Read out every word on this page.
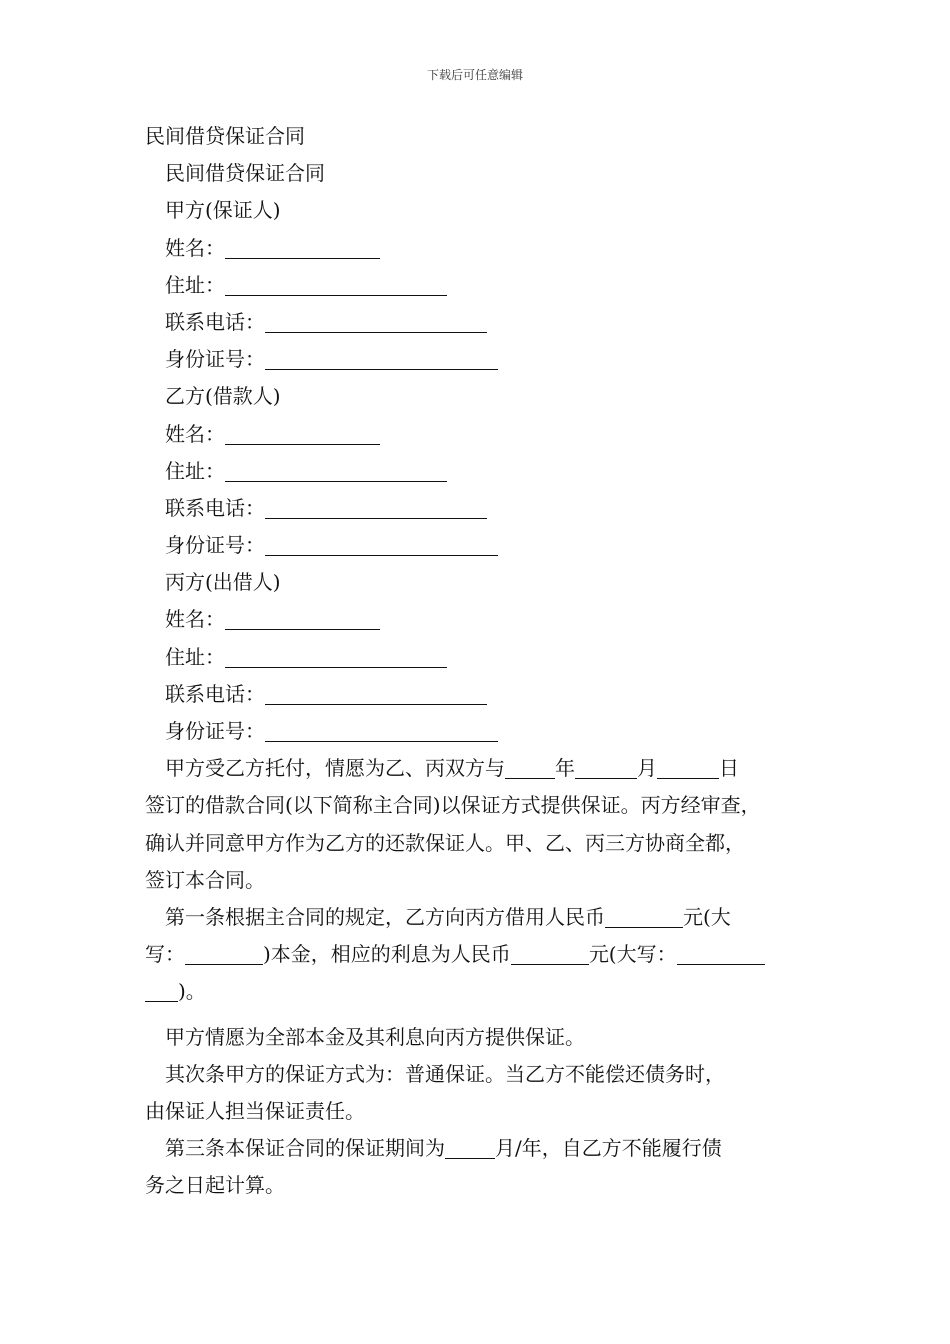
下载后可任意编辑
民间借贷保证合同
民间借贷保证合同
甲方(保证人)
姓名：
住址：
联系电话：
身份证号：
乙方(借款人)
姓名：
住址：
联系电话：
身份证号：
丙方(出借人)
姓名：
住址：
联系电话：
身份证号：
甲方受乙方托付，情愿为乙、丙双方与	年	月	日
签订的借款合同(以下简称主合同)以保证方式提供保证。丙方经审查，
确认并同意甲方作为乙方的还款保证人。甲、乙、丙三方协商全都，
签订本合同。
第一条根据主合同的规定，乙方向丙方借用人民币	元(大
写：	)本金，相应的利息为人民币	元(大写：
)。
甲方情愿为全部本金及其利息向丙方提供保证。
其次条甲方的保证方式为：普通保证。当乙方不能偿还债务时，
由保证人担当保证责任。
第三条本保证合同的保证期间为	月/年，自乙方不能履行债
务之日起计算。
